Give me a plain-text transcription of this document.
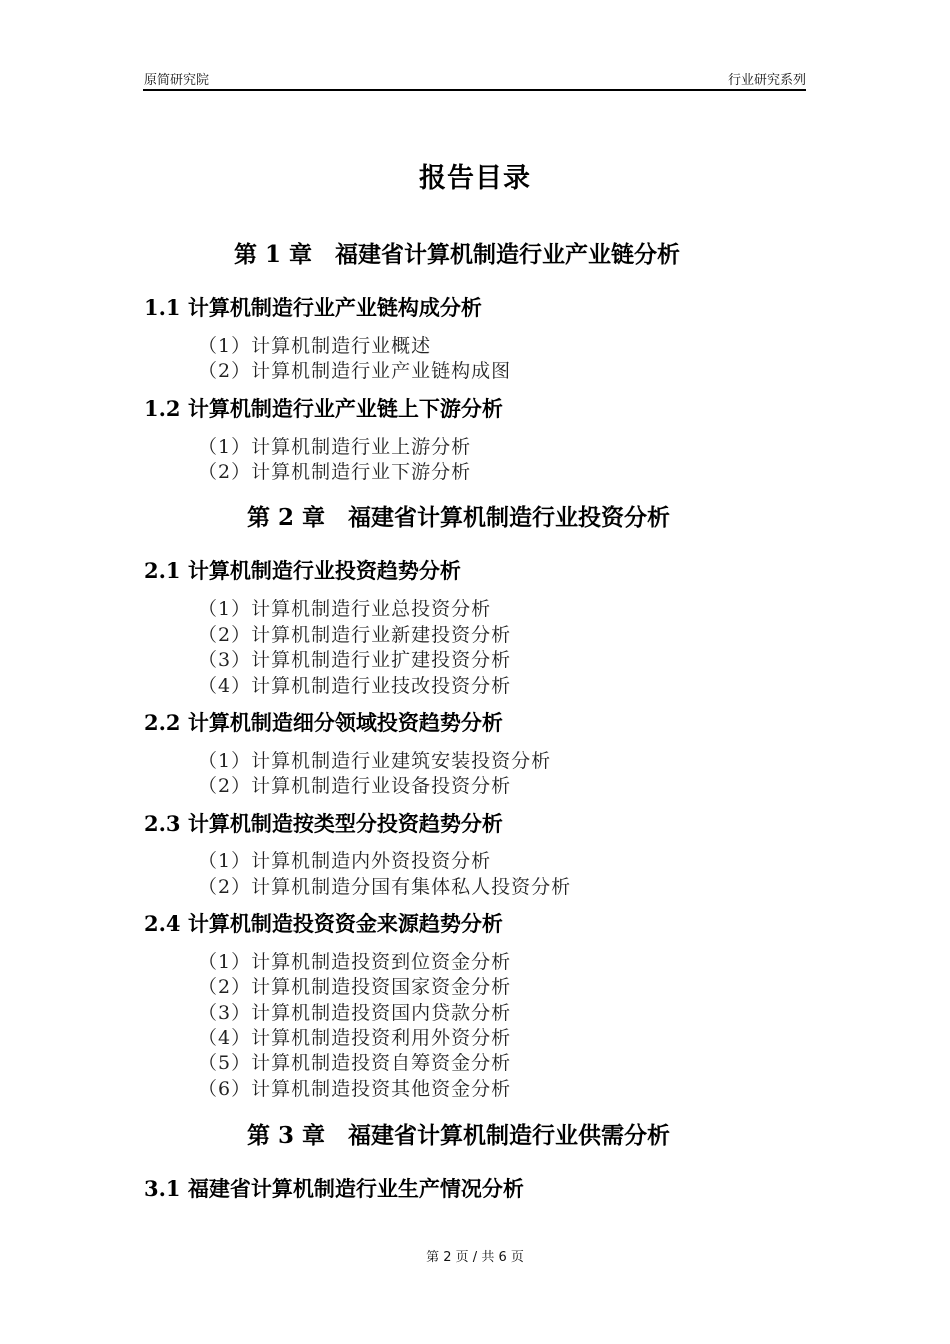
原简研究院	行业研究系列
报告目录
第 1 章　福建省计算机制造行业产业链分析
1.1 计算机制造行业产业链构成分析
（1）计算机制造行业概述
（2）计算机制造行业产业链构成图
1.2 计算机制造行业产业链上下游分析
（1）计算机制造行业上游分析
（2）计算机制造行业下游分析
第 2 章　福建省计算机制造行业投资分析
2.1 计算机制造行业投资趋势分析
（1）计算机制造行业总投资分析
（2）计算机制造行业新建投资分析
（3）计算机制造行业扩建投资分析
（4）计算机制造行业技改投资分析
2.2 计算机制造细分领域投资趋势分析
（1）计算机制造行业建筑安装投资分析
（2）计算机制造行业设备投资分析
2.3 计算机制造按类型分投资趋势分析
（1）计算机制造内外资投资分析
（2）计算机制造分国有集体私人投资分析
2.4 计算机制造投资资金来源趋势分析
（1）计算机制造投资到位资金分析
（2）计算机制造投资国家资金分析
（3）计算机制造投资国内贷款分析
（4）计算机制造投资利用外资分析
（5）计算机制造投资自筹资金分析
（6）计算机制造投资其他资金分析
第 3 章　福建省计算机制造行业供需分析
3.1 福建省计算机制造行业生产情况分析
第 2 页 / 共 6 页
